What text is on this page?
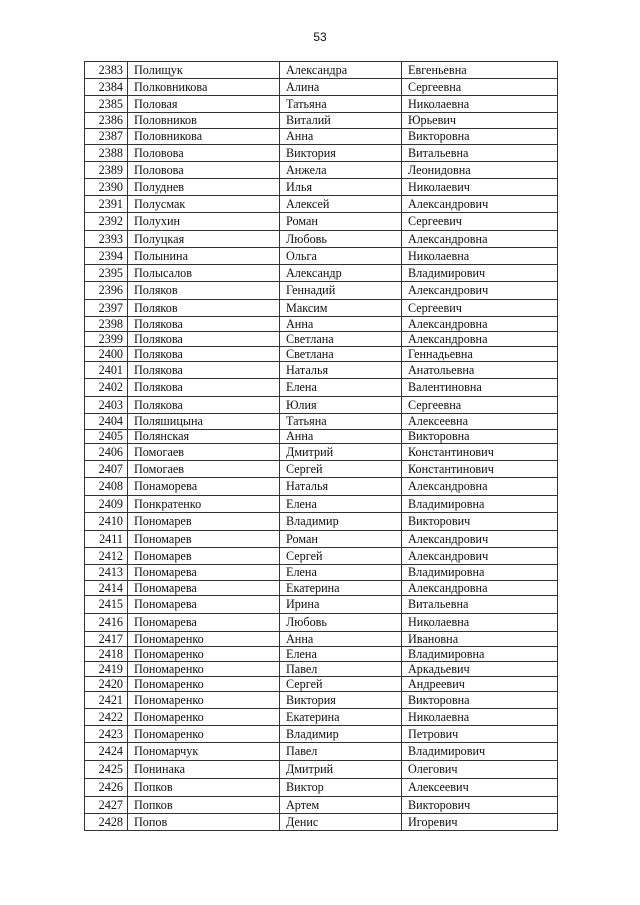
53
2383	Полищук	Александра	Евгеньевна
2384	Полковникова	Алина	Сергеевна
2385	Половая	Татьяна	Николаевна
2386	Половников	Виталий	Юрьевич
2387	Половникова	Анна	Викторовна
2388	Половова	Виктория	Витальевна
2389	Половова	Анжела	Леонидовна
2390	Полуднев	Илья	Николаевич
2391	Полусмак	Алексей	Александрович
2392	Полухин	Роман	Сергеевич
2393	Полуцкая	Любовь	Александровна
2394	Полынина	Ольга	Николаевна
2395	Полысалов	Александр	Владимирович
2396	Поляков	Геннадий	Александрович
2397	Поляков	Максим	Сергеевич
2398	Полякова	Анна	Александровна
2399	Полякова	Светлана	Александровна
2400	Полякова	Светлана	Геннадьевна
2401	Полякова	Наталья	Анатольевна
2402	Полякова	Елена	Валентиновна
2403	Полякова	Юлия	Сергеевна
2404	Поляшицына	Татьяна	Алексеевна
2405	Полянская	Анна	Викторовна
2406	Помогаев	Дмитрий	Константинович
2407	Помогаев	Сергей	Константинович
2408	Понаморева	Наталья	Александровна
2409	Понкратенко	Елена	Владимировна
2410	Пономарев	Владимир	Викторович
2411	Пономарев	Роман	Александрович
2412	Пономарев	Сергей	Александрович
2413	Пономарева	Елена	Владимировна
2414	Пономарева	Екатерина	Александровна
2415	Пономарева	Ирина	Витальевна
2416	Пономарева	Любовь	Николаевна
2417	Пономаренко	Анна	Ивановна
2418	Пономаренко	Елена	Владимировна
2419	Пономаренко	Павел	Аркадьевич
2420	Пономаренко	Сергей	Андреевич
2421	Пономаренко	Виктория	Викторовна
2422	Пономаренко	Екатерина	Николаевна
2423	Пономаренко	Владимир	Петрович
2424	Пономарчук	Павел	Владимирович
2425	Понинака	Дмитрий	Олегович
2426	Попков	Виктор	Алексеевич
2427	Попков	Артем	Викторович
2428	Попов	Денис	Игоревич
